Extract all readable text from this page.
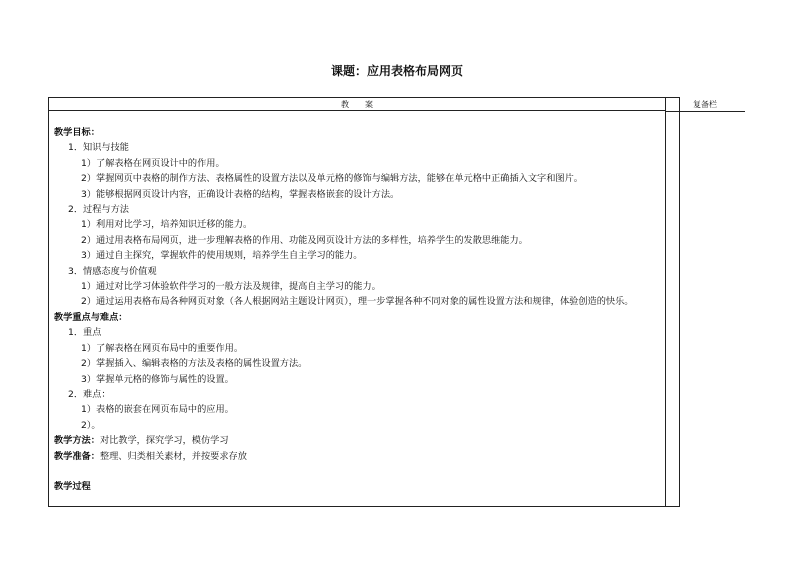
课题：应用表格布局网页
教　　案	复备栏
教学目标：
1．知识与技能
1）了解表格在网页设计中的作用。
2）掌握网页中表格的制作方法、表格属性的设置方法以及单元格的修饰与编辑方法，能够在单元格中正确插入文字和图片。
3）能够根据网页设计内容，正确设计表格的结构，掌握表格嵌套的设计方法。
2．过程与方法
1）利用对比学习，培养知识迁移的能力。
2）通过用表格布局网页，进一步理解表格的作用、功能及网页设计方法的多样性，培养学生的发散思维能力。
3）通过自主探究，掌握软件的使用规则，培养学生自主学习的能力。
3．情感态度与价值观
1）通过对比学习体验软件学习的一般方法及规律，提高自主学习的能力。
2）通过运用表格布局各种网页对象（各人根据网站主题设计网页），理一步掌握各种不同对象的属性设置方法和规律，体验创造的快乐。
教学重点与难点：
1．重点
1）了解表格在网页布局中的重要作用。
2）掌握插入、编辑表格的方法及表格的属性设置方法。
3）掌握单元格的修饰与属性的设置。
2．难点：
1）表格的嵌套在网页布局中的应用。
2）。
教学方法：对比教学，探究学习，模仿学习
教学准备：整理、归类相关素材，并按要求存放
教学过程
